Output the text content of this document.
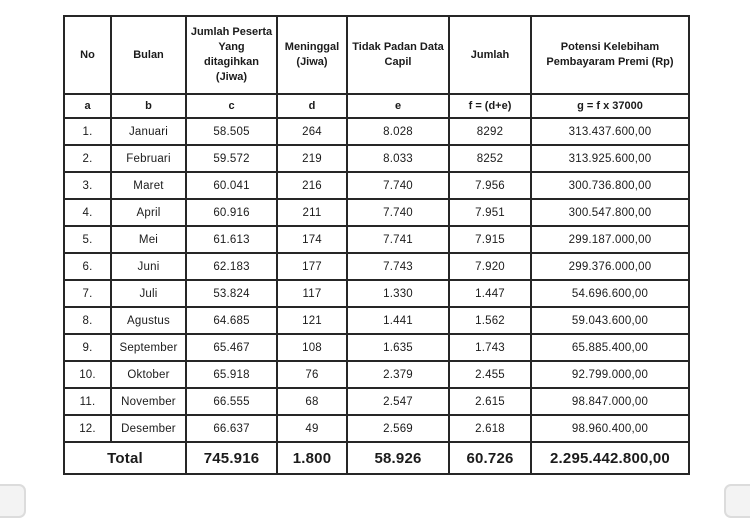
No	Bulan	Jumlah Peserta Yang ditagihkan (Jiwa)	Meninggal (Jiwa)	Tidak Padan Data Capil	Jumlah	Potensi Kelebiham Pembayaram Premi (Rp)
a	b	c	d	e	f = (d+e)	g = f x 37000
1.	Januari	58.505	264	8.028	8292	313.437.600,00
2.	Februari	59.572	219	8.033	8252	313.925.600,00
3.	Maret	60.041	216	7.740	7.956	300.736.800,00
4.	April	60.916	211	7.740	7.951	300.547.800,00
5.	Mei	61.613	174	7.741	7.915	299.187.000,00
6.	Juni	62.183	177	7.743	7.920	299.376.000,00
7.	Juli	53.824	117	1.330	1.447	54.696.600,00
8.	Agustus	64.685	121	1.441	1.562	59.043.600,00
9.	September	65.467	108	1.635	1.743	65.885.400,00
10.	Oktober	65.918	76	2.379	2.455	92.799.000,00
11.	November	66.555	68	2.547	2.615	98.847.000,00
12.	Desember	66.637	49	2.569	2.618	98.960.400,00
Total		745.916	1.800	58.926	60.726	2.295.442.800,00
